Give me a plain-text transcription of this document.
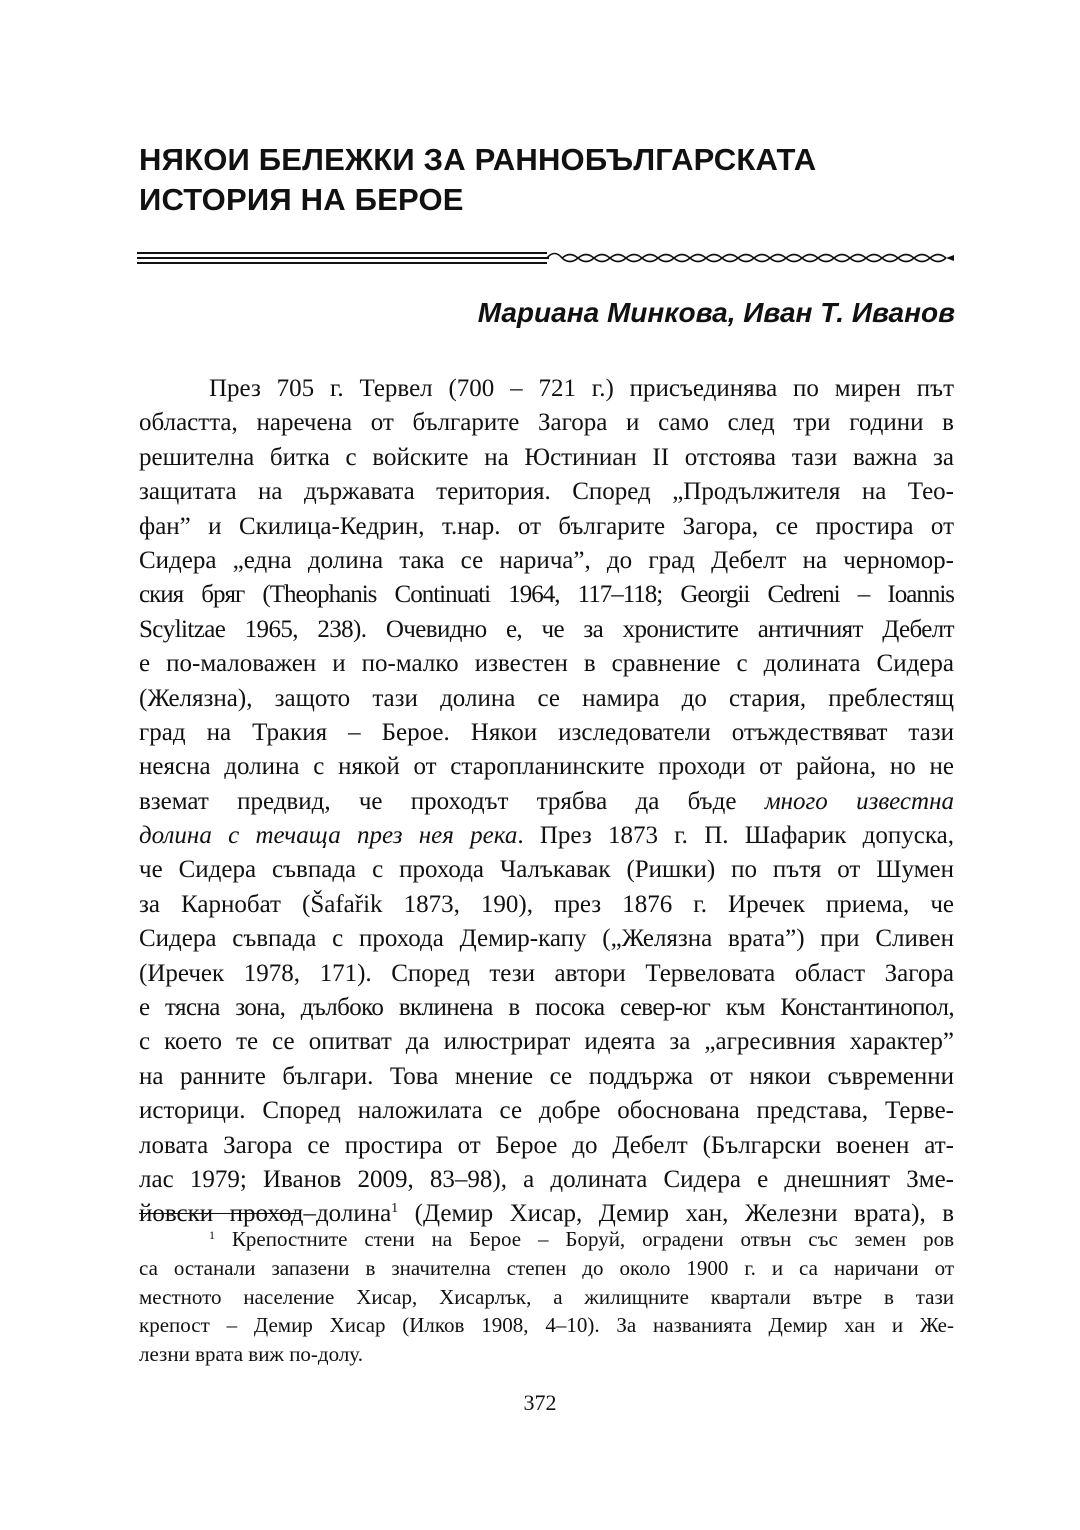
НЯКОИ БЕЛЕЖКИ ЗА РАННОБЪЛГАРСКАТА
ИСТОРИЯ НА БЕРОЕ
Мариана Минкова, Иван Т. Иванов
През 705 г. Тервел (700 – 721 г.) присъединява по мирен път
областта, наречена от българите Загора и само след три години в
решителна битка с войските на Юстиниан II отстоява тази важна за
защитата на държавата територия. Според „Продължителя на Тео-
фан” и Скилица-Кедрин, т.нар. от българите Загора, се простира от
Сидера „една долина така се нарича”, до град Дебелт на черномор-
ския бряг (Theophanis Continuati 1964, 117–118; Georgii Cedreni – Ioannis
Scylitzae 1965, 238). Очевидно е, че за хронистите античният Дебелт
е по-маловажен и по-малко известен в сравнение с долината Сидера
(Желязна), защото тази долина се намира до стария, преблестящ
град на Тракия – Берое. Някои изследователи отъждествяват тази
неясна долина с някой от старопланинските проходи от района, но не
вземат предвид, че проходът трябва да бъде много известна
долина с течаща през нея река. През 1873 г. П. Шафарик допуска,
че Сидера съвпада с прохода Чалъкавак (Ришки) по пътя от Шумен
за Карнобат (Šafařik 1873, 190), през 1876 г. Иречек приема, че
Сидера съвпада с прохода Демир-капу („Желязна врата”) при Сливен
(Иречек 1978, 171). Според тези автори Тервеловата област Загора
е тясна зона, дълбоко вклинена в посока север-юг към Константинопол,
с което те се опитват да илюстрират идеята за „агресивния характер”
на ранните българи. Това мнение се поддържа от някои съвременни
историци. Според наложилата се добре обоснована представа, Терве-
ловата Загора се простира от Берое до Дебелт (Български военен ат-
лас 1979; Иванов 2009, 83–98), а долината Сидера е днешният Зме-
йовски проход–долина$^1$ (Демир Хисар, Демир хан, Железни врата), в
$^1$ Крепостните стени на Берое – Боруй, оградени отвън със земен ров
са останали запазени в значителна степен до около 1900 г. и са наричани от
местното население Хисар, Хисарлък, а жилищните квартали вътре в тази
крепост – Демир Хисар (Илков 1908, 4–10). За названията Демир хан и Же-
лезни врата виж по-долу.
372
